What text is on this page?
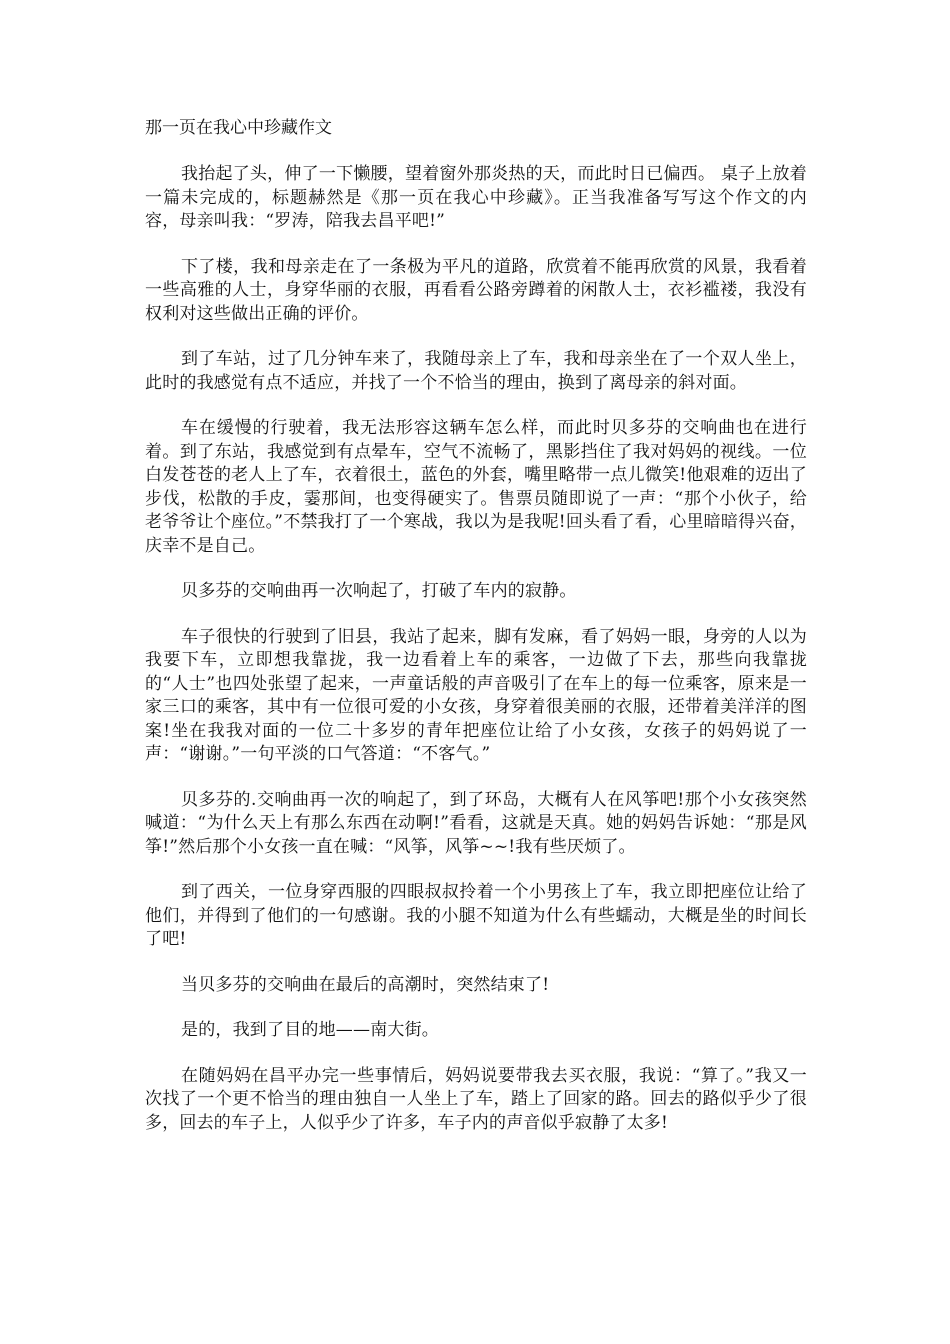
那一页在我心中珍藏作文

我抬起了头，伸了一下懒腰，望着窗外那炎热的天，而此时日已偏西。 桌子上放着一篇未完成的，标题赫然是《那一页在我心中珍藏》。正当我准备写写这个作文的内容，母亲叫我：“罗涛，陪我去昌平吧!”

下了楼，我和母亲走在了一条极为平凡的道路，欣赏着不能再欣赏的风景，我看着一些高雅的人士，身穿华丽的衣服，再看看公路旁蹲着的闲散人士，衣衫褴褛，我没有权利对这些做出正确的评价。

到了车站，过了几分钟车来了，我随母亲上了车，我和母亲坐在了一个双人坐上，此时的我感觉有点不适应，并找了一个不恰当的理由，换到了离母亲的斜对面。

车在缓慢的行驶着，我无法形容这辆车怎么样，而此时贝多芬的交响曲也在进行着。到了东站，我感觉到有点晕车，空气不流畅了，黑影挡住了我对妈妈的视线。一位白发苍苍的老人上了车，衣着很土，蓝色的外套，嘴里略带一点儿微笑!他艰难的迈出了步伐，松散的手皮，霎那间，也变得硬实了。售票员随即说了一声：“那个小伙子，给老爷爷让个座位。”不禁我打了一个寒战，我以为是我呢!回头看了看，心里暗暗得兴奋，庆幸不是自己。

贝多芬的交响曲再一次响起了，打破了车内的寂静。

车子很快的行驶到了旧县，我站了起来，脚有发麻，看了妈妈一眼，身旁的人以为我要下车，立即想我靠拢，我一边看着上车的乘客，一边做了下去，那些向我靠拢的“人士”也四处张望了起来，一声童话般的声音吸引了在车上的每一位乘客，原来是一家三口的乘客，其中有一位很可爱的小女孩，身穿着很美丽的衣服，还带着美洋洋的图案!坐在我我对面的一位二十多岁的青年把座位让给了小女孩，女孩子的妈妈说了一声：“谢谢。”一句平淡的口气答道：“不客气。”

贝多芬的.交响曲再一次的响起了，到了环岛，大概有人在风筝吧!那个小女孩突然喊道：“为什么天上有那么东西在动啊!”看看，这就是天真。她的妈妈告诉她：“那是风筝!”然后那个小女孩一直在喊：“风筝，风筝~~!我有些厌烦了。

到了西关，一位身穿西服的四眼叔叔拎着一个小男孩上了车，我立即把座位让给了他们，并得到了他们的一句感谢。我的小腿不知道为什么有些蠕动，大概是坐的时间长了吧!

当贝多芬的交响曲在最后的高潮时，突然结束了!

是的，我到了目的地——南大街。

在随妈妈在昌平办完一些事情后，妈妈说要带我去买衣服，我说：“算了。”我又一次找了一个更不恰当的理由独自一人坐上了车，踏上了回家的路。回去的路似乎少了很多，回去的车子上，人似乎少了许多，车子内的声音似乎寂静了太多!
